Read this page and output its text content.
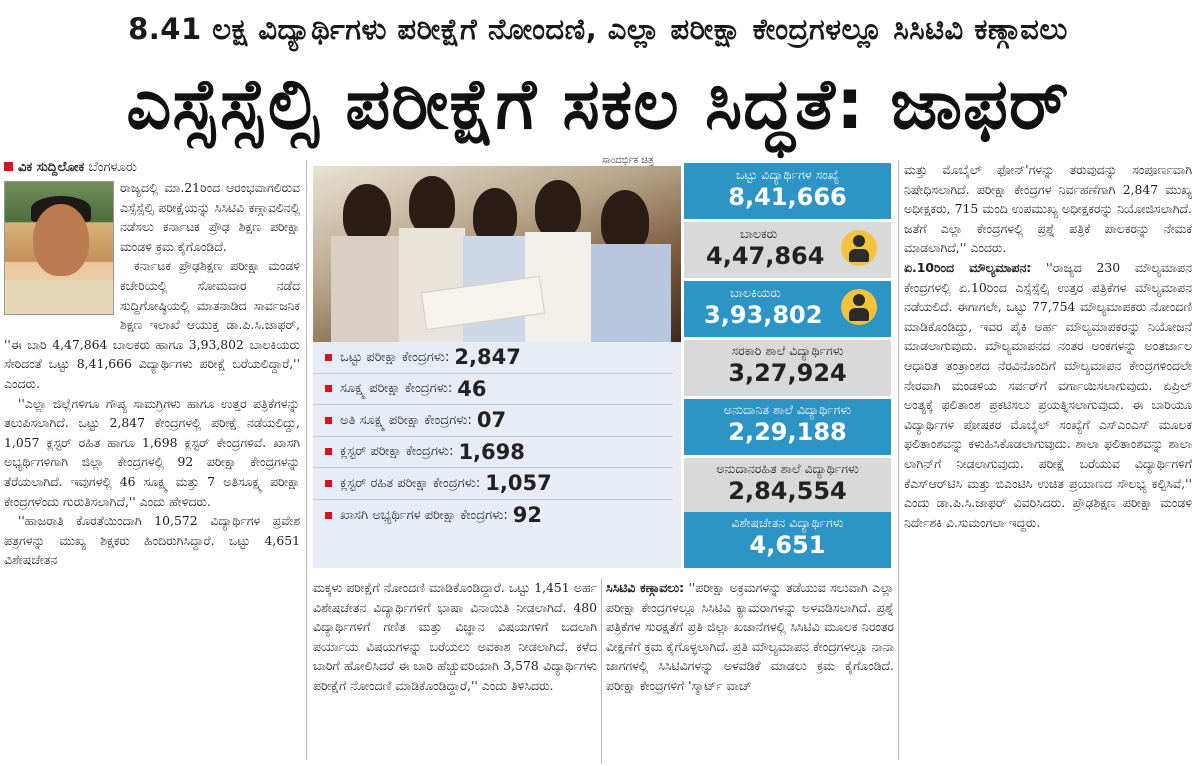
8.41 ಲಕ್ಷ ವಿದ್ಯಾರ್ಥಿಗಳು ಪರೀಕ್ಷೆಗೆ ನೋಂದಣಿ, ಎಲ್ಲಾ ಪರೀಕ್ಷಾ ಕೇಂದ್ರಗಳಲ್ಲೂ ಸಿಸಿಟಿವಿ ಕಣ್ಗಾವಲು
ಎಸ್ಸೆಸ್ಸೆಲ್ಸಿ ಪರೀಕ್ಷೆಗೆ ಸಕಲ ಸಿದ್ಧತೆ: ಜಾಫರ್
ವಿಕ ಸುದ್ದಿಲೋಕ ಬೆಂಗಳೂರು

ರಾಜ್ಯದಲ್ಲಿ ಮಾ.21ರಿಂದ ಆರಂಭವಾಗಲಿರುವ ಎಸ್ಸೆಸ್ಸೆಲ್ಸಿ ಪರೀಕ್ಷೆಯನ್ನು ಸಿಸಿಟಿವಿ ಕಣ್ಗಾವಲಿನಲ್ಲಿ ನಡೆಸಲು ಕರ್ನಾಟಕ ಪ್ರೌಢ ಶಿಕ್ಷಣ ಪರೀಕ್ಷಾ ಮಂಡಳಿ ಕ್ರಮ ಕೈಗೊಂಡಿದೆ.

ಕರ್ನಾಟಕ ಪ್ರೌಢಶಿಕ್ಷಣ ಪರೀಕ್ಷಾ ಮಂಡಳಿ ಕಚೇರಿಯಲ್ಲಿ ಸೋಮವಾರ ನಡೆದ ಸುದ್ದಿಗೋಷ್ಠಿಯಲ್ಲಿ ಮಾತನಾಡಿದ ಸಾರ್ವಜನಿಕ ಶಿಕ್ಷಣ ಇಲಾಖೆ ಆಯುಕ್ತ ಡಾ.ಪಿ.ಸಿ.ಜಾಫರ್, ''ಈ ಬಾರಿ 4,47,864 ಬಾಲಕರು ಹಾಗೂ 3,93,802 ಬಾಲಕಿಯರು ಸೇರಿದಂತೆ ಒಟ್ಟು 8,41,666 ವಿದ್ಯಾರ್ಥಿಗಳು ಪರೀಕ್ಷೆ ಬರೆಯಲಿದ್ದಾರೆ,'' ಎಂದರು.

''ಎಲ್ಲಾ ಜಿಲ್ಲೆಗಳಿಗೂ ಗೌಪ್ಯ ಸಾಮಗ್ರಿಗಳು ಹಾಗೂ ಉತ್ತರ ಪತ್ರಿಕೆಗಳನ್ನು ತಲುಪಿಸಲಾಗಿದೆ. ಒಟ್ಟು 2,847 ಕೇಂದ್ರಗಳಲ್ಲಿ ಪರೀಕ್ಷೆ ನಡೆಯಲಿದ್ದು, 1,057 ಕ್ಲಸ್ಟರ್ ರಹಿತ ಹಾಗೂ 1,698 ಕ್ಲಸ್ಟರ್ ಕೇಂದ್ರಗಳಿವೆ. ಖಾಸಗಿ ಅಭ್ಯರ್ಥಿಗಳಿಗಾಗಿ ಜಿಲ್ಲಾ ಕೇಂದ್ರಗಳಲ್ಲಿ 92 ಪರೀಕ್ಷಾ ಕೇಂದ್ರಗಳನ್ನು ತೆರೆಯಲಾಗಿದೆ. ಇವುಗಳಲ್ಲಿ 46 ಸೂಕ್ಷ್ಮ ಮತ್ತು 7 ಅತಿಸೂಕ್ಷ್ಮ ಪರೀಕ್ಷಾ ಕೇಂದ್ರಗಳೆಂದು ಗುರುತಿಸಲಾಗಿದೆ,'' ಎಂದು ಹೇಳಿದರು.

''ಹಾಜರಾತಿ ಕೊರತೆಯಿಂದಾಗಿ 10,572 ವಿದ್ಯಾರ್ಥಿಗಳ ಪ್ರವೇಶ ಪತ್ರಗಳನ್ನು ಮುಖ್ಯ ಶಿಕ್ಷಕರು ಹಿಂದಿರುಗಿಸಿದ್ದಾರೆ. ಒಟ್ಟು 4,651 ವಿಶೇಷಚೇತನ

ಸಾಂದರ್ಭಿಕ ಚಿತ್ರ
ಒಟ್ಟು ಪರೀಕ್ಷಾ ಕೇಂದ್ರಗಳು: 2,847
ಸೂಕ್ಷ್ಮ ಪರೀಕ್ಷಾ ಕೇಂದ್ರಗಳು: 46
ಅತಿ ಸೂಕ್ಷ್ಮ ಪರೀಕ್ಷಾ ಕೇಂದ್ರಗಳು: 07
ಕ್ಲಸ್ಟರ್ ಪರೀಕ್ಷಾ ಕೇಂದ್ರಗಳು: 1,698
ಕ್ಲಸ್ಟರ್ ರಹಿತ ಪರೀಕ್ಷಾ ಕೇಂದ್ರಗಳು: 1,057
ಖಾಸಗಿ ಅಭ್ಯರ್ಥಿಗಳ ಪರೀಕ್ಷಾ ಕೇಂದ್ರಗಳು: 92
ಒಟ್ಟು ವಿದ್ಯಾರ್ಥಿಗಳ ಸಂಖ್ಯೆ
8,41,666
ಬಾಲಕರು
4,47,864
ಬಾಲಕಿಯರು
3,93,802
ಸರಕಾರಿ ಶಾಲೆ ವಿದ್ಯಾರ್ಥಿಗಳು
3,27,924
ಅನುದಾನಿತ ಶಾಲೆ ವಿದ್ಯಾರ್ಥಿಗಳು
2,29,188
ಅನುದಾನರಹಿತ ಶಾಲೆ ವಿದ್ಯಾರ್ಥಿಗಳು
2,84,554
ವಿಶೇಷಚೇತನ ವಿದ್ಯಾರ್ಥಿಗಳು
4,651

ಮತ್ತು ಮೊಬೈಲ್ ಫೋನ್'ಗಳನ್ನು ತರುವುದನ್ನು ಸಂಪೂರ್ಣವಾಗಿ ನಿಷೇಧಿಸಲಾಗಿದೆ. ಪರೀಕ್ಷಾ ಕೇಂದ್ರಗಳ ನಿರ್ವಹಣೆಗಾಗಿ 2,847 ಮುಖ್ಯ ಅಧೀಕ್ಷಕರು, 715 ಮಂದಿ ಉಪಮುಖ್ಯ ಅಧೀಕ್ಷಕರನ್ನು ನಿಯೋಜಿಸಲಾಗಿದೆ. ಜತೆಗೆ ಎಲ್ಲಾ ಕೇಂದ್ರಗಳಲ್ಲಿ ಪ್ರಶ್ನೆ ಪತ್ರಿಕೆ ಪಾಲಕರನ್ನು ನೇಮಕ ಮಾಡಲಾಗಿದೆ,'' ಎಂದರು.

ಏ.10ರಿಂದ ಮೌಲ್ಯಮಾಪನ: ''ರಾಜ್ಯದ 230 ಮೌಲ್ಯಮಾಪನ ಕೇಂದ್ರಗಳಲ್ಲಿ ಏ.10ರಿಂದ ಎಸ್ಸೆಸ್ಸೆಲ್ಸಿ ಉತ್ತರ ಪತ್ರಿಕೆಗಳ ಮೌಲ್ಯಮಾಪನ ನಡೆಯಲಿದೆ. ಈಗಾಗಲೇ, ಒಟ್ಟು 77,754 ಮೌಲ್ಯಮಾಪಕರು ನೋಂದಣಿ ಮಾಡಿಕೊಂಡಿದ್ದು, ಇವರ ಪೈಕಿ ಅರ್ಹ ಮೌಲ್ಯಮಾಪಕರನ್ನು ನಿಯೋಜನೆ ಮಾಡಲಾಗುವುದು. ಮೌಲ್ಯಮಾಪನದ ನಂತರ ಅಂಕಗಳನ್ನು ಅಂತರ್ಜಾಲ ಆಧಾರಿತ ತಂತ್ರಾಂಶದ ನೆರವಿನೊಂದಿಗೆ ಮೌಲ್ಯಮಾಪನ ಕೇಂದ್ರಗಳಿಂದಲೇ ನೇರವಾಗಿ ಮಂಡಳಿಯ ಸರ್ವರ್‌ಗೆ ವರ್ಗಾಯಿಸಲಾಗುವುದು. ಏಪ್ರಿಲ್ ಅಂತ್ಯಕ್ಕೆ ಫಲಿತಾಂಶ ಪ್ರಕಟಿಸಲು ಪ್ರಯತ್ನಿಸಲಾಗುವುದು. ಈ ಬಾರಿಯೂ ವಿದ್ಯಾರ್ಥಿಗಳ ಪೋಷಕರ ಮೊಬೈಲ್ ಸಂಖ್ಯೆಗೆ ಎಸ್‌ಎಂಎಸ್ ಮೂಲಕ ಫಲಿತಾಂಶವನ್ನು ಕಳುಹಿಸಿಕೊಡಲಾಗುವುದು. ಶಾಲಾ ಫಲಿತಾಂಶವನ್ನು ಶಾಲಾ ಲಾಗಿನ್‌ಗೆ ನೀಡಲಾಗುವುದು. ಪರೀಕ್ಷೆ ಬರೆಯುವ ವಿದ್ಯಾರ್ಥಿಗಳಿಗೆ ಕೆಎಸ್ಆರ್‌ಟಿಸಿ ಮತ್ತು ಬಿಎಂಟಿಸಿ ಉಚಿತ ಪ್ರಯಾಣದ ಸೌಲಭ್ಯ ಕಲ್ಪಿಸಿವೆ,'' ಎಂದು ಡಾ.ಪಿ.ಸಿ.ಜಾಫರ್ ವಿವರಿಸಿದರು. ಪ್ರೌಢಶಿಕ್ಷಣ ಪರೀಕ್ಷಾ ಮಂಡಳಿ ನಿರ್ದೇಶಕಿ ವಿ.ಸುಮಂಗಲಾ ಇದ್ದರು.

ಮಕ್ಕಳು ಪರೀಕ್ಷೆಗೆ ನೋಂದಣಿ ಮಾಡಿಕೊಂಡಿದ್ದಾರೆ. ಒಟ್ಟು 1,451 ಅರ್ಹ ವಿಶೇಷಚೇತನ ವಿದ್ಯಾರ್ಥಿಗಳಿಗೆ ಭಾಷಾ ವಿನಾಯಿತಿ ನೀಡಲಾಗಿದೆ. 480 ವಿದ್ಯಾರ್ಥಿಗಳಿಗೆ ಗಣಿತ ಮತ್ತು ವಿಜ್ಞಾನ ವಿಷಯಗಳಿಗೆ ಬದಲಾಗಿ ಪರ್ಯಾಯ ವಿಷಯಗಳನ್ನು ಬರೆಯಲು ಅವಕಾಶ ನೀಡಲಾಗಿದೆ. ಕಳೆದ ಬಾರಿಗೆ ಹೋಲಿಸಿದರೆ ಈ ಬಾರಿ ಹೆಚ್ಚುವರಿಯಾಗಿ 3,578 ವಿದ್ಯಾರ್ಥಿಗಳು ಪರೀಕ್ಷೆಗೆ ನೋಂದಣಿ ಮಾಡಿಕೊಂಡಿದ್ದಾರೆ,'' ಎಂದು ತಿಳಿಸಿದರು.

ಸಿಸಿಟಿವಿ ಕಣ್ಗಾವಲು: ''ಪರೀಕ್ಷಾ ಅಕ್ರಮಗಳನ್ನು ತಡೆಯುವ ಸಲುವಾಗಿ ಎಲ್ಲಾ ಪರೀಕ್ಷಾ ಕೇಂದ್ರಗಳಲ್ಲೂ ಸಿಸಿಟಿವಿ ಕ್ಯಾಮರಾಗಳನ್ನು ಅಳವಡಿಸಲಾಗಿದೆ. ಪ್ರಶ್ನೆ ಪತ್ರಿಕೆಗಳ ಸುರಕ್ಷತೆಗೆ ಪ್ರತಿ ಜಿಲ್ಲಾ ಖಜಾನೆಗಳಲ್ಲಿ ಸಿಸಿಟಿವಿ ಮೂಲಕ ನಿರಂತರ ವೀಕ್ಷಣೆಗೆ ಕ್ರಮ ಕೈಗೊಳ್ಳಲಾಗಿದೆ. ಪ್ರತಿ ಮೌಲ್ಯಮಾಪನ ಕೇಂದ್ರಗಳಲ್ಲೂ ನಾನಾ ಜಾಗಗಳಲ್ಲಿ ಸಿಸಿಟಿವಿಗಳನ್ನು ಅಳವಡಿಕೆ ಮಾಡಲು ಕ್ರಮ ಕೈಗೊಂಡಿದೆ. ಪರೀಕ್ಷಾ ಕೇಂದ್ರಗಳಿಗೆ 'ಸ್ಮಾರ್ಟ್ ವಾಚ್
